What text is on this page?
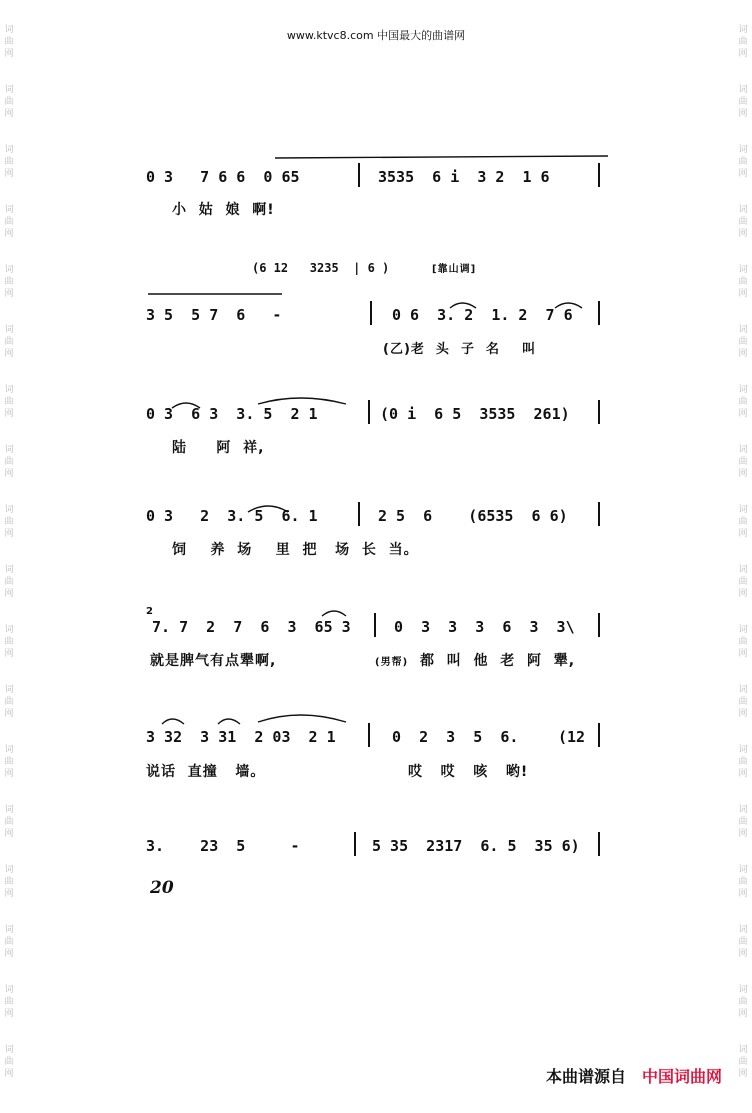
词
曲
网
词
曲
网
词
曲
网
词
曲
网
词
曲
网
词
曲
网
词
曲
网
词
曲
网
词
曲
网
词
曲
网
词
曲
网
词
曲
网
词
曲
网
词
曲
网
词
曲
网
词
曲
网
词
曲
网
词
曲
网
词
曲
网
词
曲
网
词
曲
网
词
曲
网
词
曲
网
词
曲
网
词
曲
网
词
曲
网
词
曲
网
词
曲
网
词
曲
网
词
曲
网
词
曲
网
词
曲
网
词
曲
网
词
曲
网
词
曲
网
词
曲
网
www.ktvc8.com 中国最大的曲谱网
0 3   7 6 6  0 65	3535  6 i  3 2  1 6
小  姑  娘  啊!
(6 12   3235  | 6 )	[靠山调]
3 5  5 7  6   -	0 6  3. 2  1. 2  7 6
(乙)老  头  子  名    叫
0 3  6 3  3. 5  2 1	(0 i  6 5  3535  261)
陆     阿  祥,
0 3   2  3. 5  6. 1	2 5  6    (6535  6 6)
饲    养  场    里  把   场  长  当。
2
7. 7  2  7  6  3  65 3	0  3  3  3  6  3  3\
就是脾气有点犟啊,	(男帮) 都  叫  他  老  阿  犟,
3 32  3 31  2 03  2 1	0  2  3  5  6.	(12
说话  直撞   墙。	哎   哎   咳   哟!
3.    23  5     -	5 35  2317  6. 5  35 6)
20
本曲谱源自 中国词曲网
